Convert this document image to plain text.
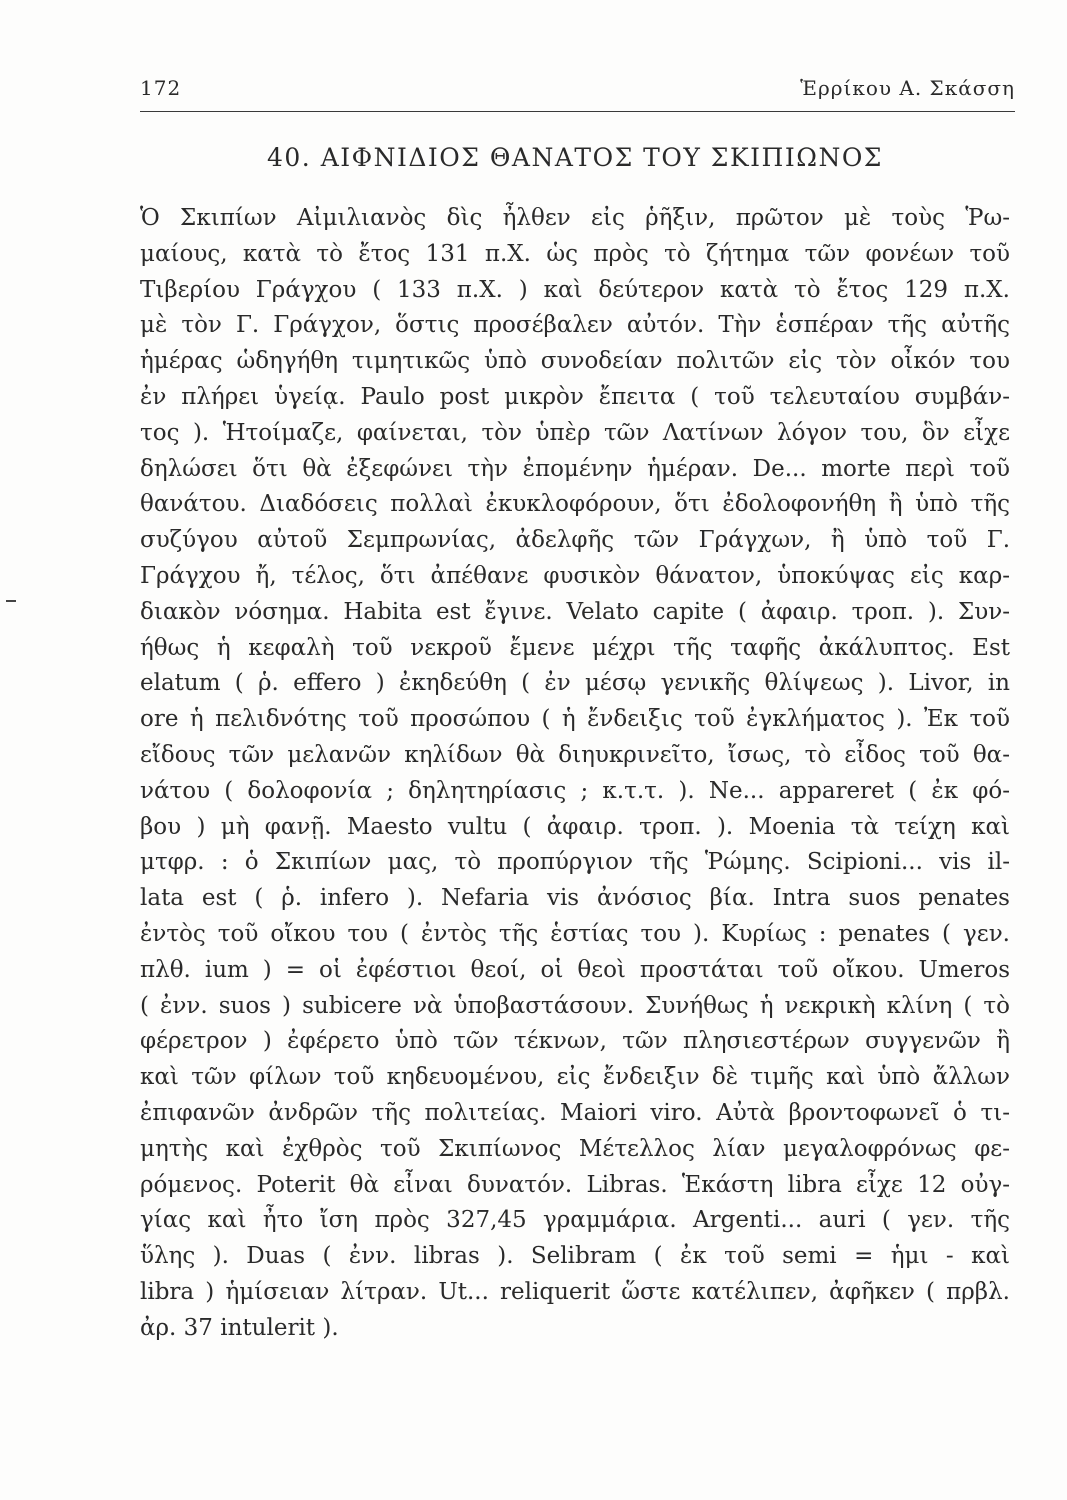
172	Ἑρρίκου Α. Σκάσση
40. ΑΙΦΝΙΔΙΟΣ ΘΑΝΑΤΟΣ ΤΟΥ ΣΚΙΠΙΩΝΟΣ
Ὁ Σκιπίων Αἰμιλιανὸς δὶς ἦλθεν εἰς ῥῆξιν, πρῶτον μὲ τοὺς Ῥω-
μαίους, κατὰ τὸ ἔτος 131 π.Χ. ὡς πρὸς τὸ ζήτημα τῶν φονέων τοῦ
Τιβερίου Γράγχου ( 133 π.Χ. ) καὶ δεύτερον κατὰ τὸ ἔτος 129 π.Χ.
μὲ τὸν Γ. Γράγχον, ὅστις προσέβαλεν αὐτόν. Τὴν ἑσπέραν τῆς αὐτῆς
ἡμέρας ὡδηγήθη τιμητικῶς ὑπὸ συνοδείαν πολιτῶν εἰς τὸν οἶκόν του
ἐν πλήρει ὑγείᾳ. Paulo post μικρὸν ἔπειτα ( τοῦ τελευταίου συμβάν-
τος ). Ἡτοίμαζε, φαίνεται, τὸν ὑπὲρ τῶν Λατίνων λόγον του, ὃν εἶχε
δηλώσει ὅτι θὰ ἐξεφώνει τὴν ἐπομένην ἡμέραν. De... morte περὶ τοῦ
θανάτου. Διαδόσεις πολλαὶ ἐκυκλοφόρουν, ὅτι ἐδολοφονήθη ἢ ὑπὸ τῆς
συζύγου αὐτοῦ Σεμπρωνίας, ἀδελφῆς τῶν Γράγχων, ἢ ὑπὸ τοῦ Γ.
Γράγχου ἤ, τέλος, ὅτι ἀπέθανε φυσικὸν θάνατον, ὑποκύψας εἰς καρ-
διακὸν νόσημα. Habita est ἔγινε. Velato capite ( ἀφαιρ. τροπ. ). Συν-
ήθως ἡ κεφαλὴ τοῦ νεκροῦ ἔμενε μέχρι τῆς ταφῆς ἀκάλυπτος. Est
elatum ( ῥ. effero ) ἐκηδεύθη ( ἐν μέσῳ γενικῆς θλίψεως ). Livor, in
ore ἡ πελιδνότης τοῦ προσώπου ( ἡ ἔνδειξις τοῦ ἐγκλήματος ). Ἐκ τοῦ
εἴδους τῶν μελανῶν κηλίδων θὰ διηυκρινεῖτο, ἴσως, τὸ εἶδος τοῦ θα-
νάτου ( δολοφονία ; δηλητηρίασις ; κ.τ.τ. ). Ne... appareret ( ἐκ φό-
βου ) μὴ φανῇ. Maesto vultu ( ἀφαιρ. τροπ. ). Moenia τὰ τείχη καὶ
μτφρ. : ὁ Σκιπίων μας, τὸ προπύργιον τῆς Ῥώμης. Scipioni... vis il-
lata est ( ῥ. infero ). Nefaria vis ἀνόσιος βία. Intra suos penates
ἐντὸς τοῦ οἴκου του ( ἐντὸς τῆς ἑστίας του ). Κυρίως : penates ( γεν.
πλθ. ium ) = οἱ ἐφέστιοι θεοί, οἱ θεοὶ προστάται τοῦ οἴκου. Umeros
( ἐνν. suos ) subicere νὰ ὑποβαστάσουν. Συνήθως ἡ νεκρικὴ κλίνη ( τὸ
φέρετρον ) ἐφέρετο ὑπὸ τῶν τέκνων, τῶν πλησιεστέρων συγγενῶν ἢ
καὶ τῶν φίλων τοῦ κηδευομένου, εἰς ἔνδειξιν δὲ τιμῆς καὶ ὑπὸ ἄλλων
ἐπιφανῶν ἀνδρῶν τῆς πολιτείας. Maiori viro. Αὐτὰ βροντοφωνεῖ ὁ τι-
μητὴς καὶ ἐχθρὸς τοῦ Σκιπίωνος Μέτελλος λίαν μεγαλοφρόνως φε-
ρόμενος. Poterit θὰ εἶναι δυνατόν. Libras. Ἑκάστη libra εἶχε 12 οὐγ-
γίας καὶ ἦτο ἴση πρὸς 327,45 γραμμάρια. Argenti... auri ( γεν. τῆς
ὕλης ). Duas ( ἐνν. libras ). Selibram ( ἐκ τοῦ semi = ἡμι - καὶ
libra ) ἡμίσειαν λίτραν. Ut... reliquerit ὥστε κατέλιπεν, ἀφῆκεν ( πρβλ.
ἀρ. 37 intulerit ).
